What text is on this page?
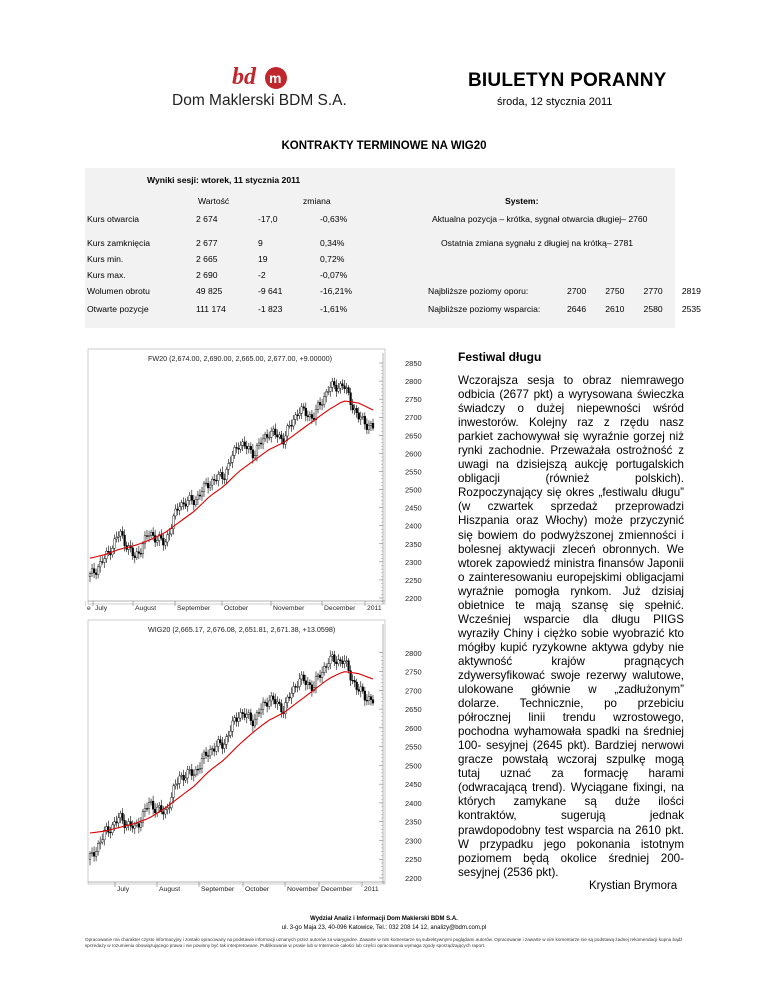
bd m
Dom Maklerski BDM S.A.
BIULETYN PORANNY
środa, 12 stycznia 2011
KONTRAKTY TERMINOWE NA WIG20
Wyniki sesji: wtorek, 11 stycznia 2011
Wartość	zmiana	System:
Kurs otwarcia	2 674	-17,0	-0,63%
Kurs zamknięcia	2 677	9	0,34%
Kurs min.	2 665	19	0,72%
Kurs max.	2 690	-2	-0,07%
Wolumen obrotu	49 825	-9 641	-16,21%
Otwarte pozycje	111 174	-1 823	-1,61%
Aktualna pozycja – krótka, sygnał otwarcia długiej– 2760
Ostatnia zmiana sygnału z długiej na krótką– 2781
Najbliższe poziomy oporu:	2700   2750   2770   2819
Najbliższe poziomy wsparcia:	2646   2610   2580   2535
FW20 (2,674.00, 2,690.00, 2,665.00, 2,677.00, +9.00000)
2850
2800
2750
2700
2650
2600
2550
2500
2450
2400
2350
2300
2250
2200
e July	August	September October	November	December 2011
WIG20 (2,665.17, 2,676.08, 2,651.81, 2,671.38, +13.0598)
2800
2750
2700
2650
2600
2550
2500
2450
2400
2350
2300
2250
2200
July	August	September October	November December 2011
Festiwal długu
Wczorajsza sesja to obraz niemrawego odbicia (2677 pkt) a wyrysowana świeczka świadczy o dużej niepewności wśród inwestorów. Kolejny raz z rzędu nasz parkiet zachowywał się wyraźnie gorzej niż rynki zachodnie. Przeważała ostrożność z uwagi na dzisiejszą aukcję portugalskich obligacji (również polskich). Rozpoczynający się okres „festiwalu długu” (w czwartek sprzedaż przeprowadzi Hiszpania oraz Włochy) może przyczynić się bowiem do podwyższonej zmienności i bolesnej aktywacji zleceń obronnych. We wtorek zapowiedź ministra finansów Japonii o zainteresowaniu europejskimi obligacjami wyraźnie pomogła rynkom. Już dzisiaj obietnice te mają szansę się spełnić. Wcześniej wsparcie dla długu PIIGS wyraziły Chiny i ciężko sobie wyobrazić kto mógłby kupić ryzykowne aktywa gdyby nie aktywność krajów pragnących zdywersyfikować swoje rezerwy walutowe, ulokowane głównie w „zadłużonym” dolarze. Technicznie, po przebiciu półrocznej linii trendu wzrostowego, pochodna wyhamowała spadki na średniej 100- sesyjnej (2645 pkt). Bardziej nerwowi gracze powstałą wczoraj szpulkę mogą tutaj uznać za formację harami (odwracającą trend). Wyciągane fixingi, na których zamykane są duże ilości kontraktów, sugerują jednak prawdopodobny test wsparcia na 2610 pkt. W przypadku jego pokonania istotnym poziomem będą okolice średniej 200-sesyjnej (2536 pkt).
Krystian Brymora
Wydział Analiz i Informacji Dom Maklerski BDM S.A.
ul. 3-go Maja 23, 40-096 Katowice, Tel.: 032 208 14 12, analizy@bdm.com.pl
Opracowanie ma charakter czysto informacyjny i zostało opracowany na podstawie informacji uznanych przez autorów za wiarygodne. Zawarte w nim komentarze są subiektywnymi poglądami autorów. Opracowanie i zawarte w nim komentarze nie są podstawą żadnej rekomendacji kupna bądź sprzedaży w rozumieniu obowiązującego prawa i nie powinny być tak interpretowane. Publikowanie w prasie lub w Internecie całości lub części opracowania wymaga zgody sporządzających raport.
